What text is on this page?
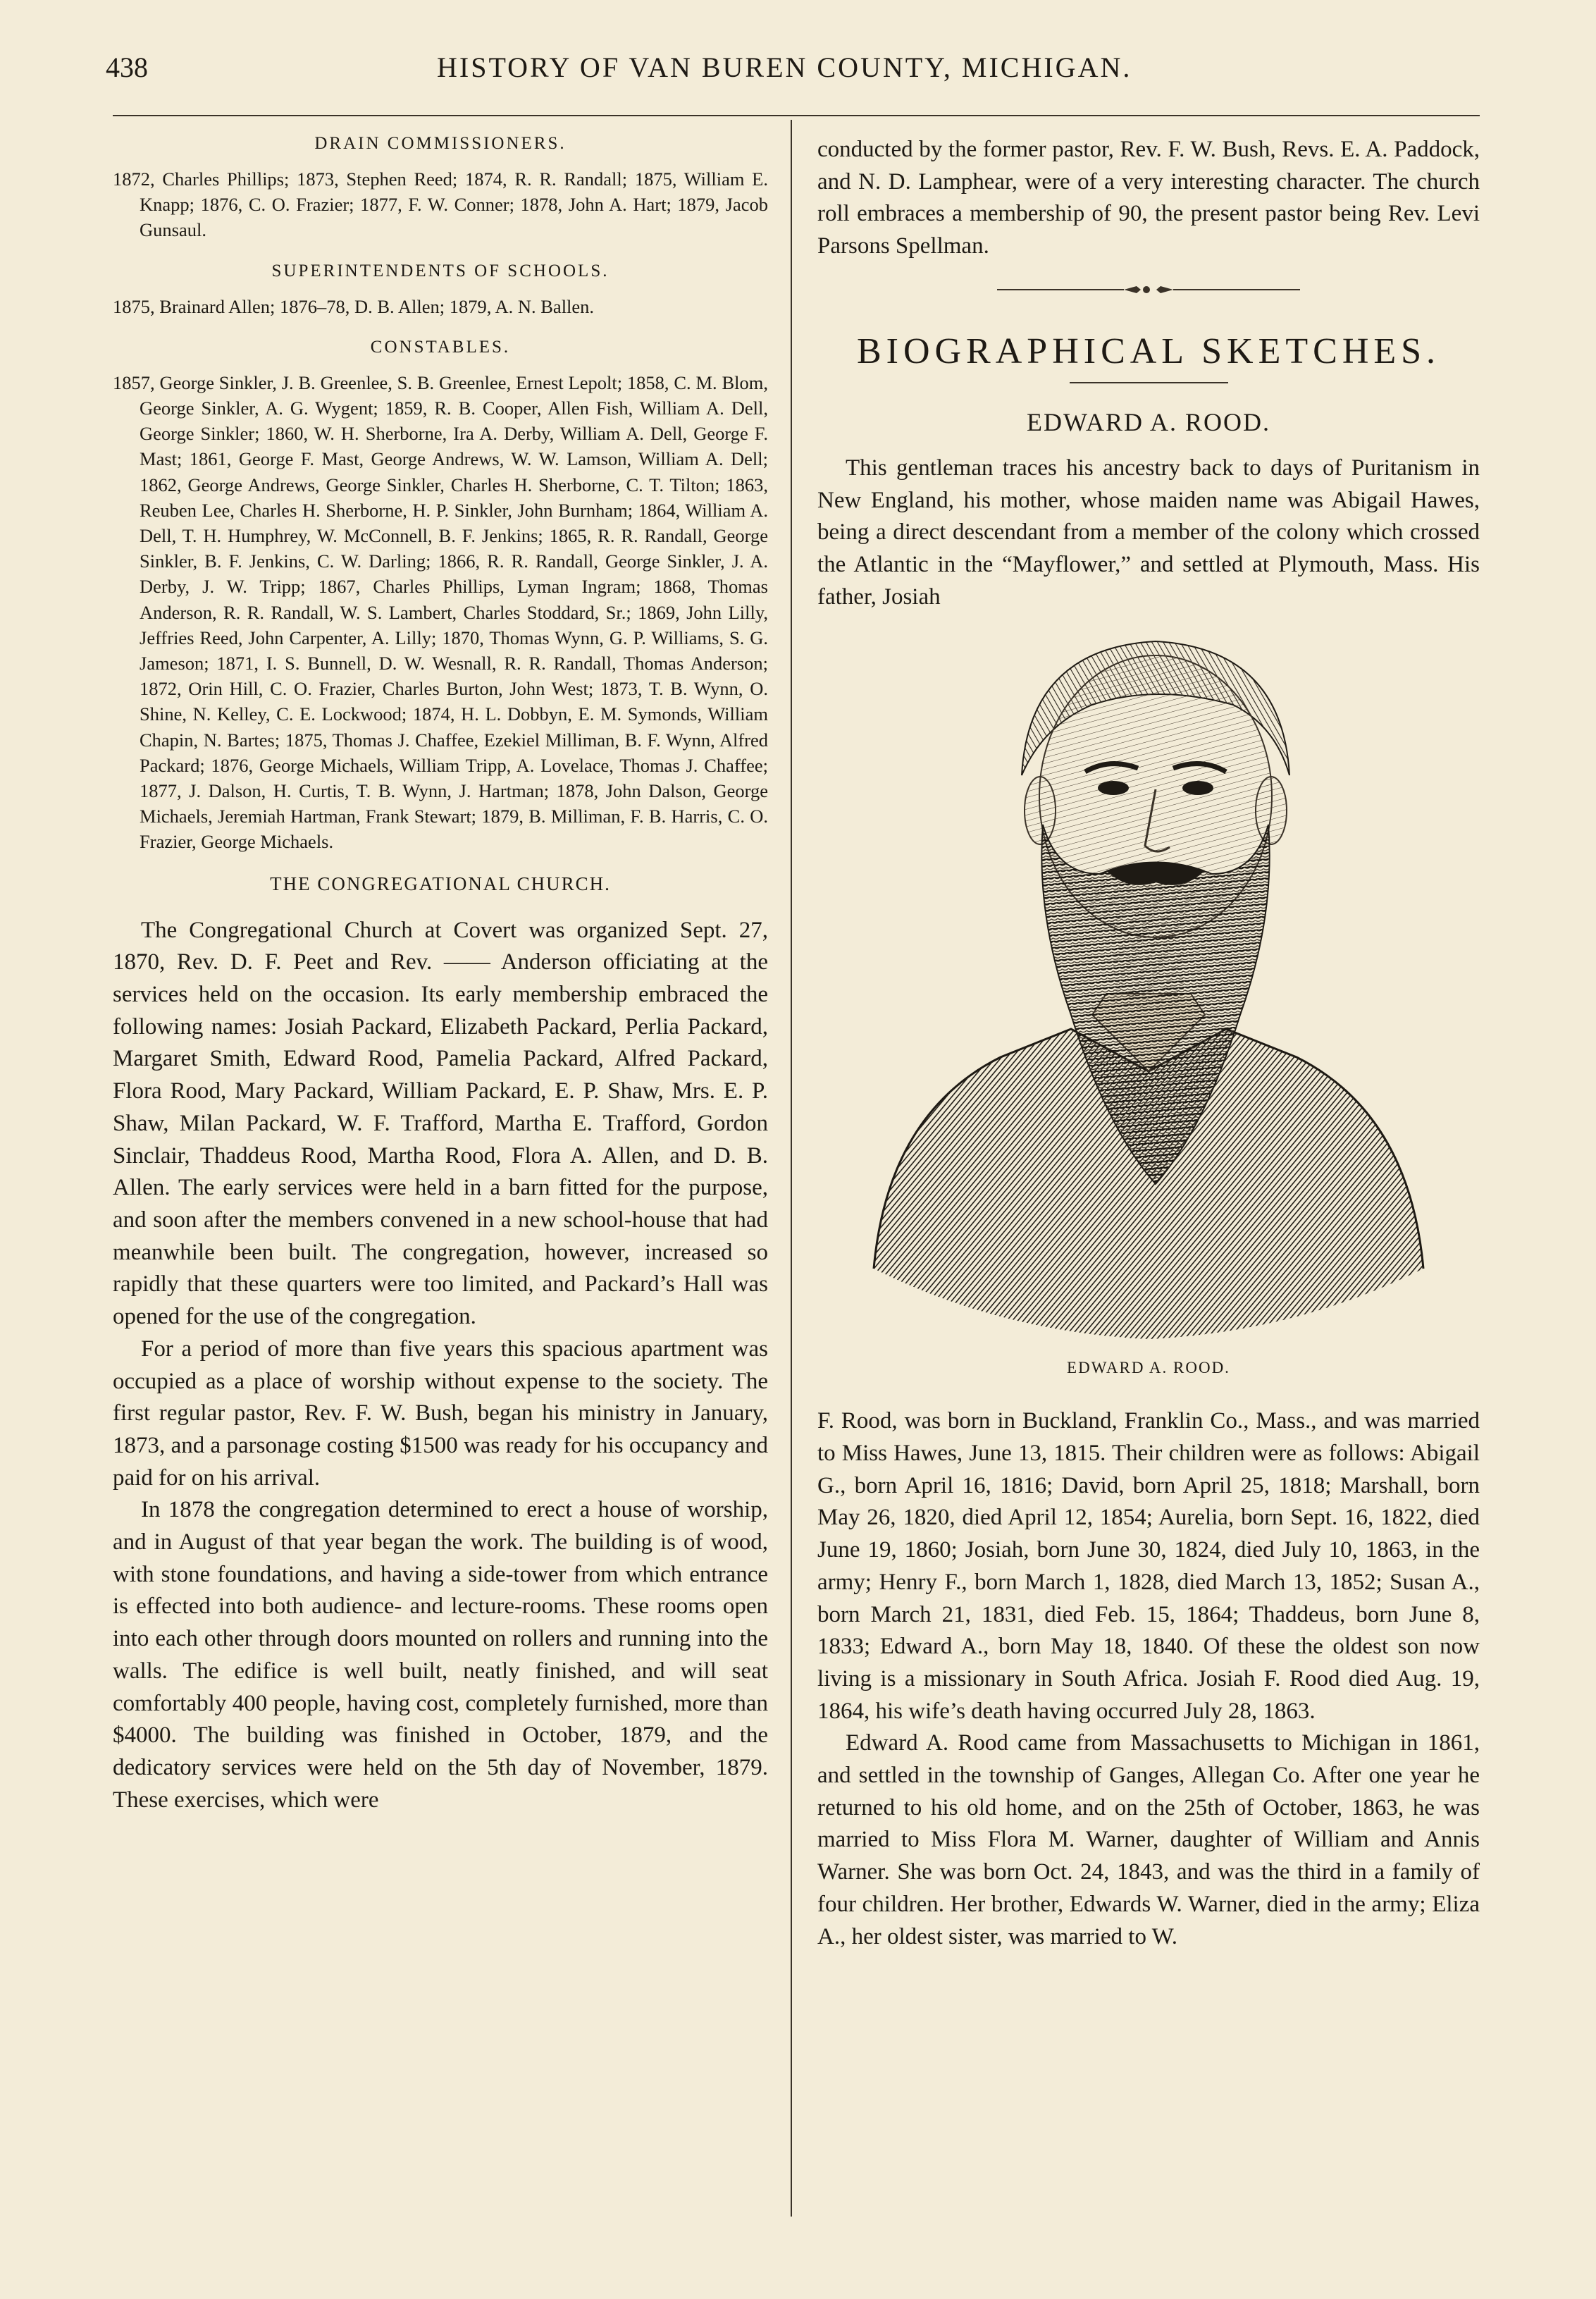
438	HISTORY OF VAN BUREN COUNTY, MICHIGAN.
DRAIN COMMISSIONERS.

1872, Charles Phillips; 1873, Stephen Reed; 1874, R. R. Randall; 1875, William E. Knapp; 1876, C. O. Frazier; 1877, F. W. Conner; 1878, John A. Hart; 1879, Jacob Gunsaul.

SUPERINTENDENTS OF SCHOOLS.

1875, Brainard Allen; 1876–78, D. B. Allen; 1879, A. N. Ballen.

CONSTABLES.

1857, George Sinkler, J. B. Greenlee, S. B. Greenlee, Ernest Lepolt; 1858, C. M. Blom, George Sinkler, A. G. Wygent; 1859, R. B. Cooper, Allen Fish, William A. Dell, George Sinkler; 1860, W. H. Sherborne, Ira A. Derby, William A. Dell, George F. Mast; 1861, George F. Mast, George Andrews, W. W. Lamson, William A. Dell; 1862, George Andrews, George Sinkler, Charles H. Sherborne, C. T. Tilton; 1863, Reuben Lee, Charles H. Sherborne, H. P. Sinkler, John Burnham; 1864, William A. Dell, T. H. Humphrey, W. McConnell, B. F. Jenkins; 1865, R. R. Randall, George Sinkler, B. F. Jenkins, C. W. Darling; 1866, R. R. Randall, George Sinkler, J. A. Derby, J. W. Tripp; 1867, Charles Phillips, Lyman Ingram; 1868, Thomas Anderson, R. R. Randall, W. S. Lambert, Charles Stoddard, Sr.; 1869, John Lilly, Jeffries Reed, John Carpenter, A. Lilly; 1870, Thomas Wynn, G. P. Williams, S. G. Jameson; 1871, I. S. Bunnell, D. W. Wesnall, R. R. Randall, Thomas Anderson; 1872, Orin Hill, C. O. Frazier, Charles Burton, John West; 1873, T. B. Wynn, O. Shine, N. Kelley, C. E. Lockwood; 1874, H. L. Dobbyn, E. M. Symonds, William Chapin, N. Bartes; 1875, Thomas J. Chaffee, Ezekiel Milliman, B. F. Wynn, Alfred Packard; 1876, George Michaels, William Tripp, A. Lovelace, Thomas J. Chaffee; 1877, J. Dalson, H. Curtis, T. B. Wynn, J. Hartman; 1878, John Dalson, George Michaels, Jeremiah Hartman, Frank Stewart; 1879, B. Milliman, F. B. Harris, C. O. Frazier, George Michaels.

THE CONGREGATIONAL CHURCH.

The Congregational Church at Covert was organized Sept. 27, 1870, Rev. D. F. Peet and Rev. —— Anderson officiating at the services held on the occasion. Its early membership embraced the following names: Josiah Packard, Elizabeth Packard, Perlia Packard, Margaret Smith, Edward Rood, Pamelia Packard, Alfred Packard, Flora Rood, Mary Packard, William Packard, E. P. Shaw, Mrs. E. P. Shaw, Milan Packard, W. F. Trafford, Martha E. Trafford, Gordon Sinclair, Thaddeus Rood, Martha Rood, Flora A. Allen, and D. B. Allen. The early services were held in a barn fitted for the purpose, and soon after the members convened in a new school-house that had meanwhile been built. The congregation, however, increased so rapidly that these quarters were too limited, and Packard’s Hall was opened for the use of the congregation.

For a period of more than five years this spacious apartment was occupied as a place of worship without expense to the society. The first regular pastor, Rev. F. W. Bush, began his ministry in January, 1873, and a parsonage costing $1500 was ready for his occupancy and paid for on his arrival.

In 1878 the congregation determined to erect a house of worship, and in August of that year began the work. The building is of wood, with stone foundations, and having a side-tower from which entrance is effected into both audience- and lecture-rooms. These rooms open into each other through doors mounted on rollers and running into the walls. The edifice is well built, neatly finished, and will seat comfortably 400 people, having cost, completely furnished, more than $4000. The building was finished in October, 1879, and the dedicatory services were held on the 5th day of November, 1879. These exercises, which were

conducted by the former pastor, Rev. F. W. Bush, Revs. E. A. Paddock, and N. D. Lamphear, were of a very interesting character. The church roll embraces a membership of 90, the present pastor being Rev. Levi Parsons Spellman.

BIOGRAPHICAL SKETCHES.
EDWARD A. ROOD.

This gentleman traces his ancestry back to days of Puritanism in New England, his mother, whose maiden name was Abigail Hawes, being a direct descendant from a member of the colony which crossed the Atlantic in the “Mayflower,” and settled at Plymouth, Mass. His father, Josiah

EDWARD A. ROOD.

F. Rood, was born in Buckland, Franklin Co., Mass., and was married to Miss Hawes, June 13, 1815. Their children were as follows: Abigail G., born April 16, 1816; David, born April 25, 1818; Marshall, born May 26, 1820, died April 12, 1854; Aurelia, born Sept. 16, 1822, died June 19, 1860; Josiah, born June 30, 1824, died July 10, 1863, in the army; Henry F., born March 1, 1828, died March 13, 1852; Susan A., born March 21, 1831, died Feb. 15, 1864; Thaddeus, born June 8, 1833; Edward A., born May 18, 1840. Of these the oldest son now living is a missionary in South Africa. Josiah F. Rood died Aug. 19, 1864, his wife’s death having occurred July 28, 1863.

Edward A. Rood came from Massachusetts to Michigan in 1861, and settled in the township of Ganges, Allegan Co. After one year he returned to his old home, and on the 25th of October, 1863, he was married to Miss Flora M. Warner, daughter of William and Annis Warner. She was born Oct. 24, 1843, and was the third in a family of four children. Her brother, Edwards W. Warner, died in the army; Eliza A., her oldest sister, was married to W.
